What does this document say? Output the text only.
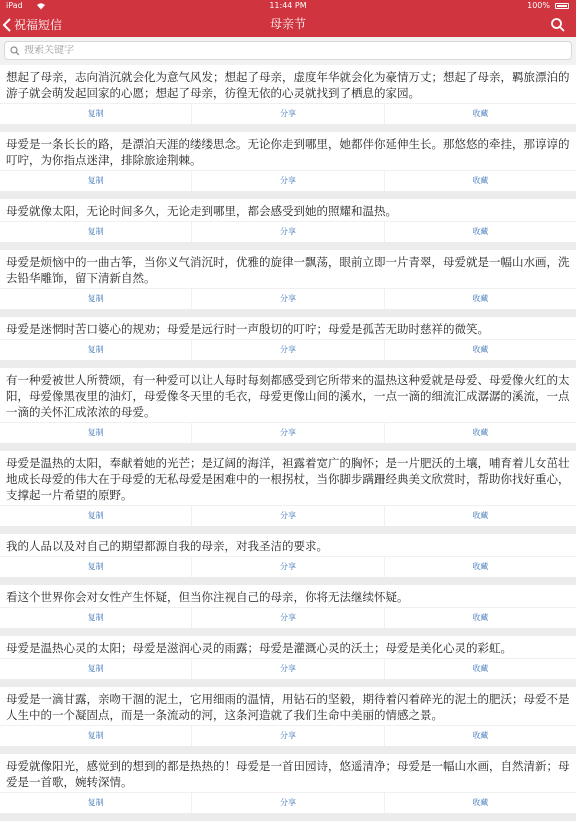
iPad	11:44 PM	100%
祝福短信	母亲节
搜索关键字
想起了母亲，志向消沉就会化为意气风发；想起了母亲，虚度年华就会化为豪情万丈；想起了母亲，羁旅漂泊的游子就会萌发起回家的心愿；想起了母亲，彷徨无依的心灵就找到了栖息的家园。
复制	分享	收藏
母爱是一条长长的路，是漂泊天涯的缕缕思念。无论你走到哪里，她都伴你延伸生长。那悠悠的牵挂，那谆谆的叮咛，为你指点迷津，排除旅途荆棘。
复制	分享	收藏
母爱就像太阳，无论时间多久，无论走到哪里，都会感受到她的照耀和温热。
复制	分享	收藏
母爱是烦恼中的一曲古筝，当你义气消沉时，优雅的旋律一飘荡，眼前立即一片青翠，母爱就是一幅山水画，洗去铅华雕饰，留下清新自然。
复制	分享	收藏
母爱是迷惘时苦口婆心的规劝；母爱是远行时一声殷切的叮咛；母爱是孤苦无助时慈祥的微笑。
复制	分享	收藏
有一种爱被世人所赞颂，有一种爱可以让人每时每刻都感受到它所带来的温热这种爱就是母爱、母爱像火红的太阳，母爱像黑夜里的油灯，母爱像冬天里的毛衣，母爱更像山间的溪水，一点一滴的细流汇成潺潺的溪流，一点一滴的关怀汇成浓浓的母爱。
复制	分享	收藏
母爱是温热的太阳，奉献着她的光芒；是辽阔的海洋，袒露着宽广的胸怀；是一片肥沃的土壤，哺育着儿女茁壮地成长母爱的伟大在于母爱的无私母爱是困难中的一根拐杖，当你脚步蹒跚经典美文欣赏时，帮助你找好重心，支撑起一片希望的原野。
复制	分享	收藏
我的人品以及对自己的期望都源自我的母亲，对我圣洁的要求。
复制	分享	收藏
看这个世界你会对女性产生怀疑，但当你注视自己的母亲，你将无法继续怀疑。
复制	分享	收藏
母爱是温热心灵的太阳；母爱是滋润心灵的雨露；母爱是灌溉心灵的沃土；母爱是美化心灵的彩虹。
复制	分享	收藏
母爱是一滴甘露，亲吻干涸的泥土，它用细雨的温情，用钻石的坚毅，期待着闪着碎光的泥土的肥沃；母爱不是人生中的一个凝固点，而是一条流动的河，这条河造就了我们生命中美丽的情感之景。
复制	分享	收藏
母爱就像阳光，感觉到的想到的都是热热的！母爱是一首田园诗，悠遥清净；母爱是一幅山水画，自然清新；母爱是一首歌，婉转深情。
复制	分享	收藏
